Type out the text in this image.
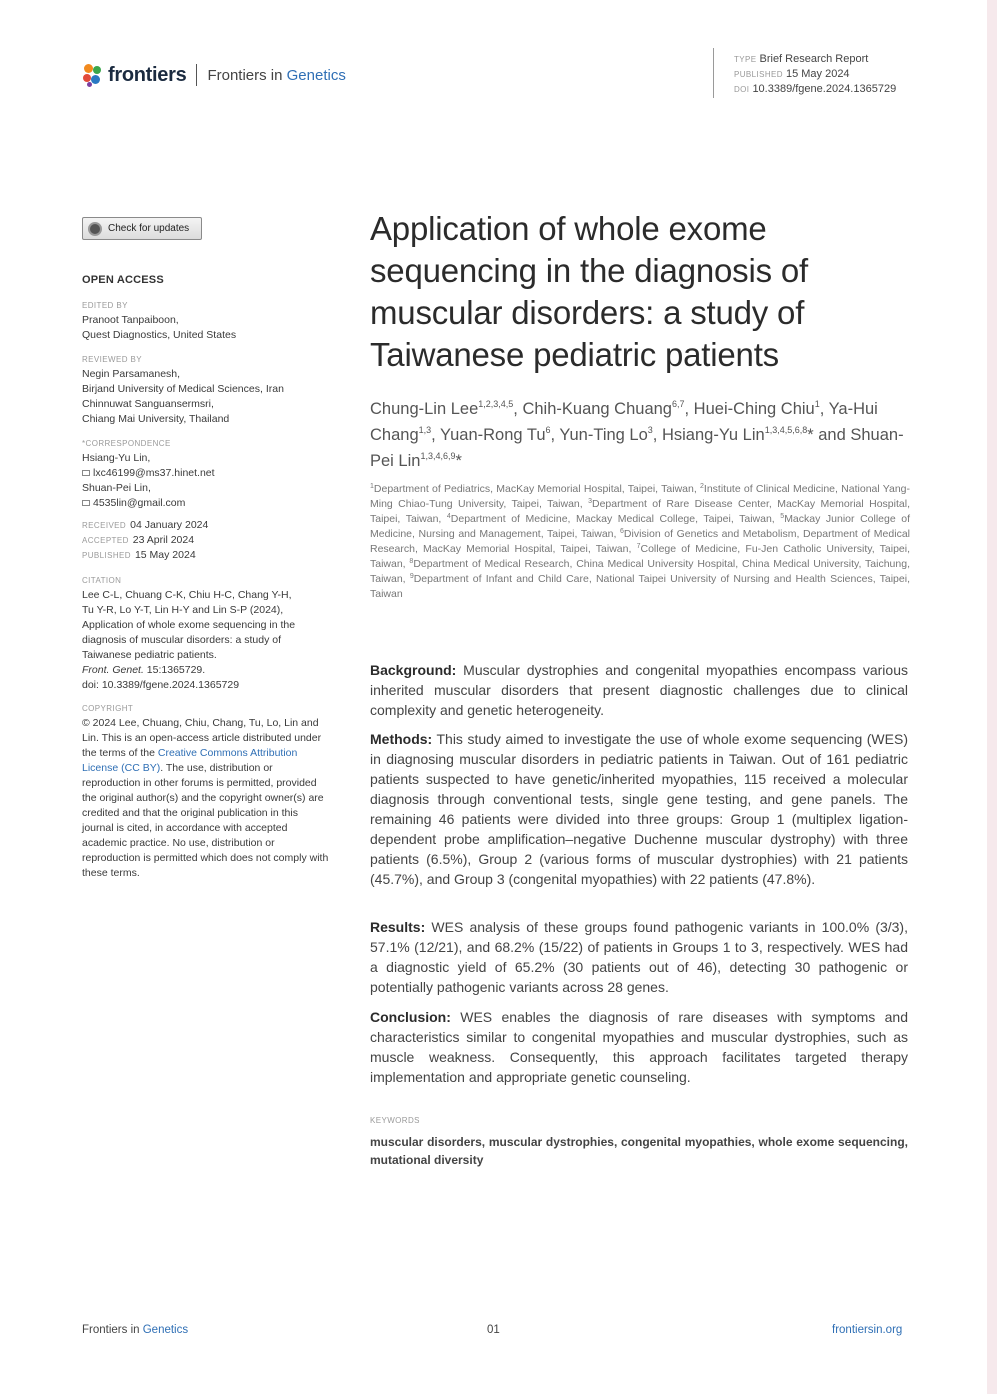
frontiers Frontiers in Genetics
TYPE Brief Research Report
PUBLISHED 15 May 2024
DOI 10.3389/fgene.2024.1365729
Check for updates
OPEN ACCESS
EDITED BY
Pranoot Tanpaiboon,
Quest Diagnostics, United States
REVIEWED BY
Negin Parsamanesh,
Birjand University of Medical Sciences, Iran
Chinnuwat Sanguansermsri,
Chiang Mai University, Thailand
*CORRESPONDENCE
Hsiang-Yu Lin,
lxc46199@ms37.hinet.net
Shuan-Pei Lin,
4535lin@gmail.com
RECEIVED 04 January 2024
ACCEPTED 23 April 2024
PUBLISHED 15 May 2024
CITATION
Lee C-L, Chuang C-K, Chiu H-C, Chang Y-H,
Tu Y-R, Lo Y-T, Lin H-Y and Lin S-P (2024),
Application of whole exome sequencing in the
diagnosis of muscular disorders: a study of
Taiwanese pediatric patients.
Front. Genet. 15:1365729.
doi: 10.3389/fgene.2024.1365729
COPYRIGHT
© 2024 Lee, Chuang, Chiu, Chang, Tu, Lo, Lin and Lin. This is an open-access article distributed under the terms of the Creative Commons Attribution License (CC BY). The use, distribution or reproduction in other forums is permitted, provided the original author(s) and the copyright owner(s) are credited and that the original publication in this journal is cited, in accordance with accepted academic practice. No use, distribution or reproduction is permitted which does not comply with these terms.
Application of whole exome sequencing in the diagnosis of muscular disorders: a study of Taiwanese pediatric patients
Chung-Lin Lee$^{1,2,3,4,5}$, Chih-Kuang Chuang$^{6,7}$, Huei-Ching Chiu$^1$, Ya-Hui Chang$^{1,3}$, Yuan-Rong Tu$^6$, Yun-Ting Lo$^3$, Hsiang-Yu Lin$^{1,3,4,5,6,8}$* and Shuan-Pei Lin$^{1,3,4,6,9}$*
$^1$Department of Pediatrics, MacKay Memorial Hospital, Taipei, Taiwan, $^2$Institute of Clinical Medicine, National Yang-Ming Chiao-Tung University, Taipei, Taiwan, $^3$Department of Rare Disease Center, MacKay Memorial Hospital, Taipei, Taiwan, $^4$Department of Medicine, Mackay Medical College, Taipei, Taiwan, $^5$Mackay Junior College of Medicine, Nursing and Management, Taipei, Taiwan, $^6$Division of Genetics and Metabolism, Department of Medical Research, MacKay Memorial Hospital, Taipei, Taiwan, $^7$College of Medicine, Fu-Jen Catholic University, Taipei, Taiwan, $^8$Department of Medical Research, China Medical University Hospital, China Medical University, Taichung, Taiwan, $^9$Department of Infant and Child Care, National Taipei University of Nursing and Health Sciences, Taipei, Taiwan
Background: Muscular dystrophies and congenital myopathies encompass various inherited muscular disorders that present diagnostic challenges due to clinical complexity and genetic heterogeneity.
Methods: This study aimed to investigate the use of whole exome sequencing (WES) in diagnosing muscular disorders in pediatric patients in Taiwan. Out of 161 pediatric patients suspected to have genetic/inherited myopathies, 115 received a molecular diagnosis through conventional tests, single gene testing, and gene panels. The remaining 46 patients were divided into three groups: Group 1 (multiplex ligation-dependent probe amplification–negative Duchenne muscular dystrophy) with three patients (6.5%), Group 2 (various forms of muscular dystrophies) with 21 patients (45.7%), and Group 3 (congenital myopathies) with 22 patients (47.8%).
Results: WES analysis of these groups found pathogenic variants in 100.0% (3/3), 57.1% (12/21), and 68.2% (15/22) of patients in Groups 1 to 3, respectively. WES had a diagnostic yield of 65.2% (30 patients out of 46), detecting 30 pathogenic or potentially pathogenic variants across 28 genes.
Conclusion: WES enables the diagnosis of rare diseases with symptoms and characteristics similar to congenital myopathies and muscular dystrophies, such as muscle weakness. Consequently, this approach facilitates targeted therapy implementation and appropriate genetic counseling.
KEYWORDS
muscular disorders, muscular dystrophies, congenital myopathies, whole exome sequencing, mutational diversity
Frontiers in Genetics	01	frontiersin.org
